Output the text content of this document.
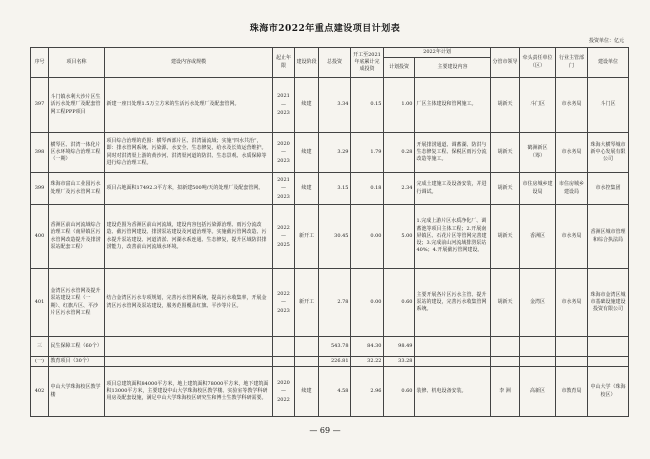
珠海市2022年重点建设项目计划表
投资单位：亿元
序号	项目名称	建设内容或规模	起止年限	建设阶段	总投资	开工至2021年底累计完成投资	2022年计划		分管市领导	牵头责任单位（区）	行业主管部门	建设单位
							计划投资	主要建设内容				
397	斗门镇水利大沙片区生活污水处理厂及配套管网工程PPP项目	新建一座日处理1.5万立方米的生活污水处理厂及配套管网。	2021
—
2023	续建	3.34	0.15	1.00	厂区主体建设和管网施工。	胡新天	斗门区	市水务局	斗门区
398	横琴区、洪湾一体化片区水环境综合治理工程（一期）	项目综合治理的范围：横琴西部片区、洪湾涌流域；实施“四水共治”，即：排水管网系统、污染源、水安全、生态修复、给水及长效运营维护。同时对洪湾渠上游的黄沙河、洪湾渠河道的防洪、生态景观、水质保障等进行综合治理工程。	2020
—
2023	续建	3.29	1.79	0.28	开展排涝通道、调蓄湖、防洪与生态修复工程、保税区雨污分流改造等施工。	胡新天	鹤洲新区（筹）	市水务局	珠海大横琴城市新中心发展有限公司
399	珠海市富山工业园污水处理厂及污水管网工程	项目占地面积17492.3平方米，拟新建500吨/天的处理厂及配套管网。	2021
—
2023	续建	3.15	0.18	2.34	完成土建施工及设备安装，并进行调试。	胡新天	市住房城乡建设局	市住房城乡建设局	市水控集团
400	香洲区前山河流域综合治理工程（南屏镇区污水管网改造提升及排涝泵站配套工程）	建设范围为香洲区前山河流域，建设内容包括污染源治理、雨污分流改造、截污管网建设、排涝泵站建设及河道治理等。实施截污管网改造、污水提升泵站建设、河道清淤、河湖水系连通、生态修复，提升区域防洪排涝能力，改善前山河流域水环境。	2022
—
2025	新开工	30.45	0.00	5.00	1.完成上游片区水质净化厂、调蓄池等项目主体工程；2.开展南屏镇区、石花片区等管网完善建设；3.完成前山河流域排涝泵站40%；4.开展截污管网建设。	胡新天	香洲区	市水务局	香洲区城市管理和综合执法局
401	金湾区污水管网及提升泵站建设工程（一期）、红旗片区、平沙片区污水管网工程	结合金湾区污水专项规划，完善污水管网系统，提高污水收集率，开展金湾区污水管网及泵站建设，服务范围覆盖红旗、平沙等片区。	2022
—
2023	新开工	2.78	0.00	0.60	主要开展各片区污水主管、提升泵站的建设，完善污水收集管网系统。	胡新天	金湾区	市水务局	珠海市金湾区城市基础设施建设投资有限公司
三	民生保障工程（60个）				543.78	84.30	98.49					
(一)	教育项目（30个）				226.81	32.22	33.28					
402	中山大学珠海校区教学楼	项目总建筑面积84000平方米，地上建筑面积78000平方米，地下建筑面积13000平方米，主要建设中山大学珠海校区教学楼、实验室等教学科研用房及配套设施，满足中山大学珠海校区研究生和博士生教学科研需要。	2020
—
2022	续建	4.58	2.96	0.60	装修、机电设备安装。	李 洲	高新区	市教育局	中山大学（珠海校区）
— 69 —
